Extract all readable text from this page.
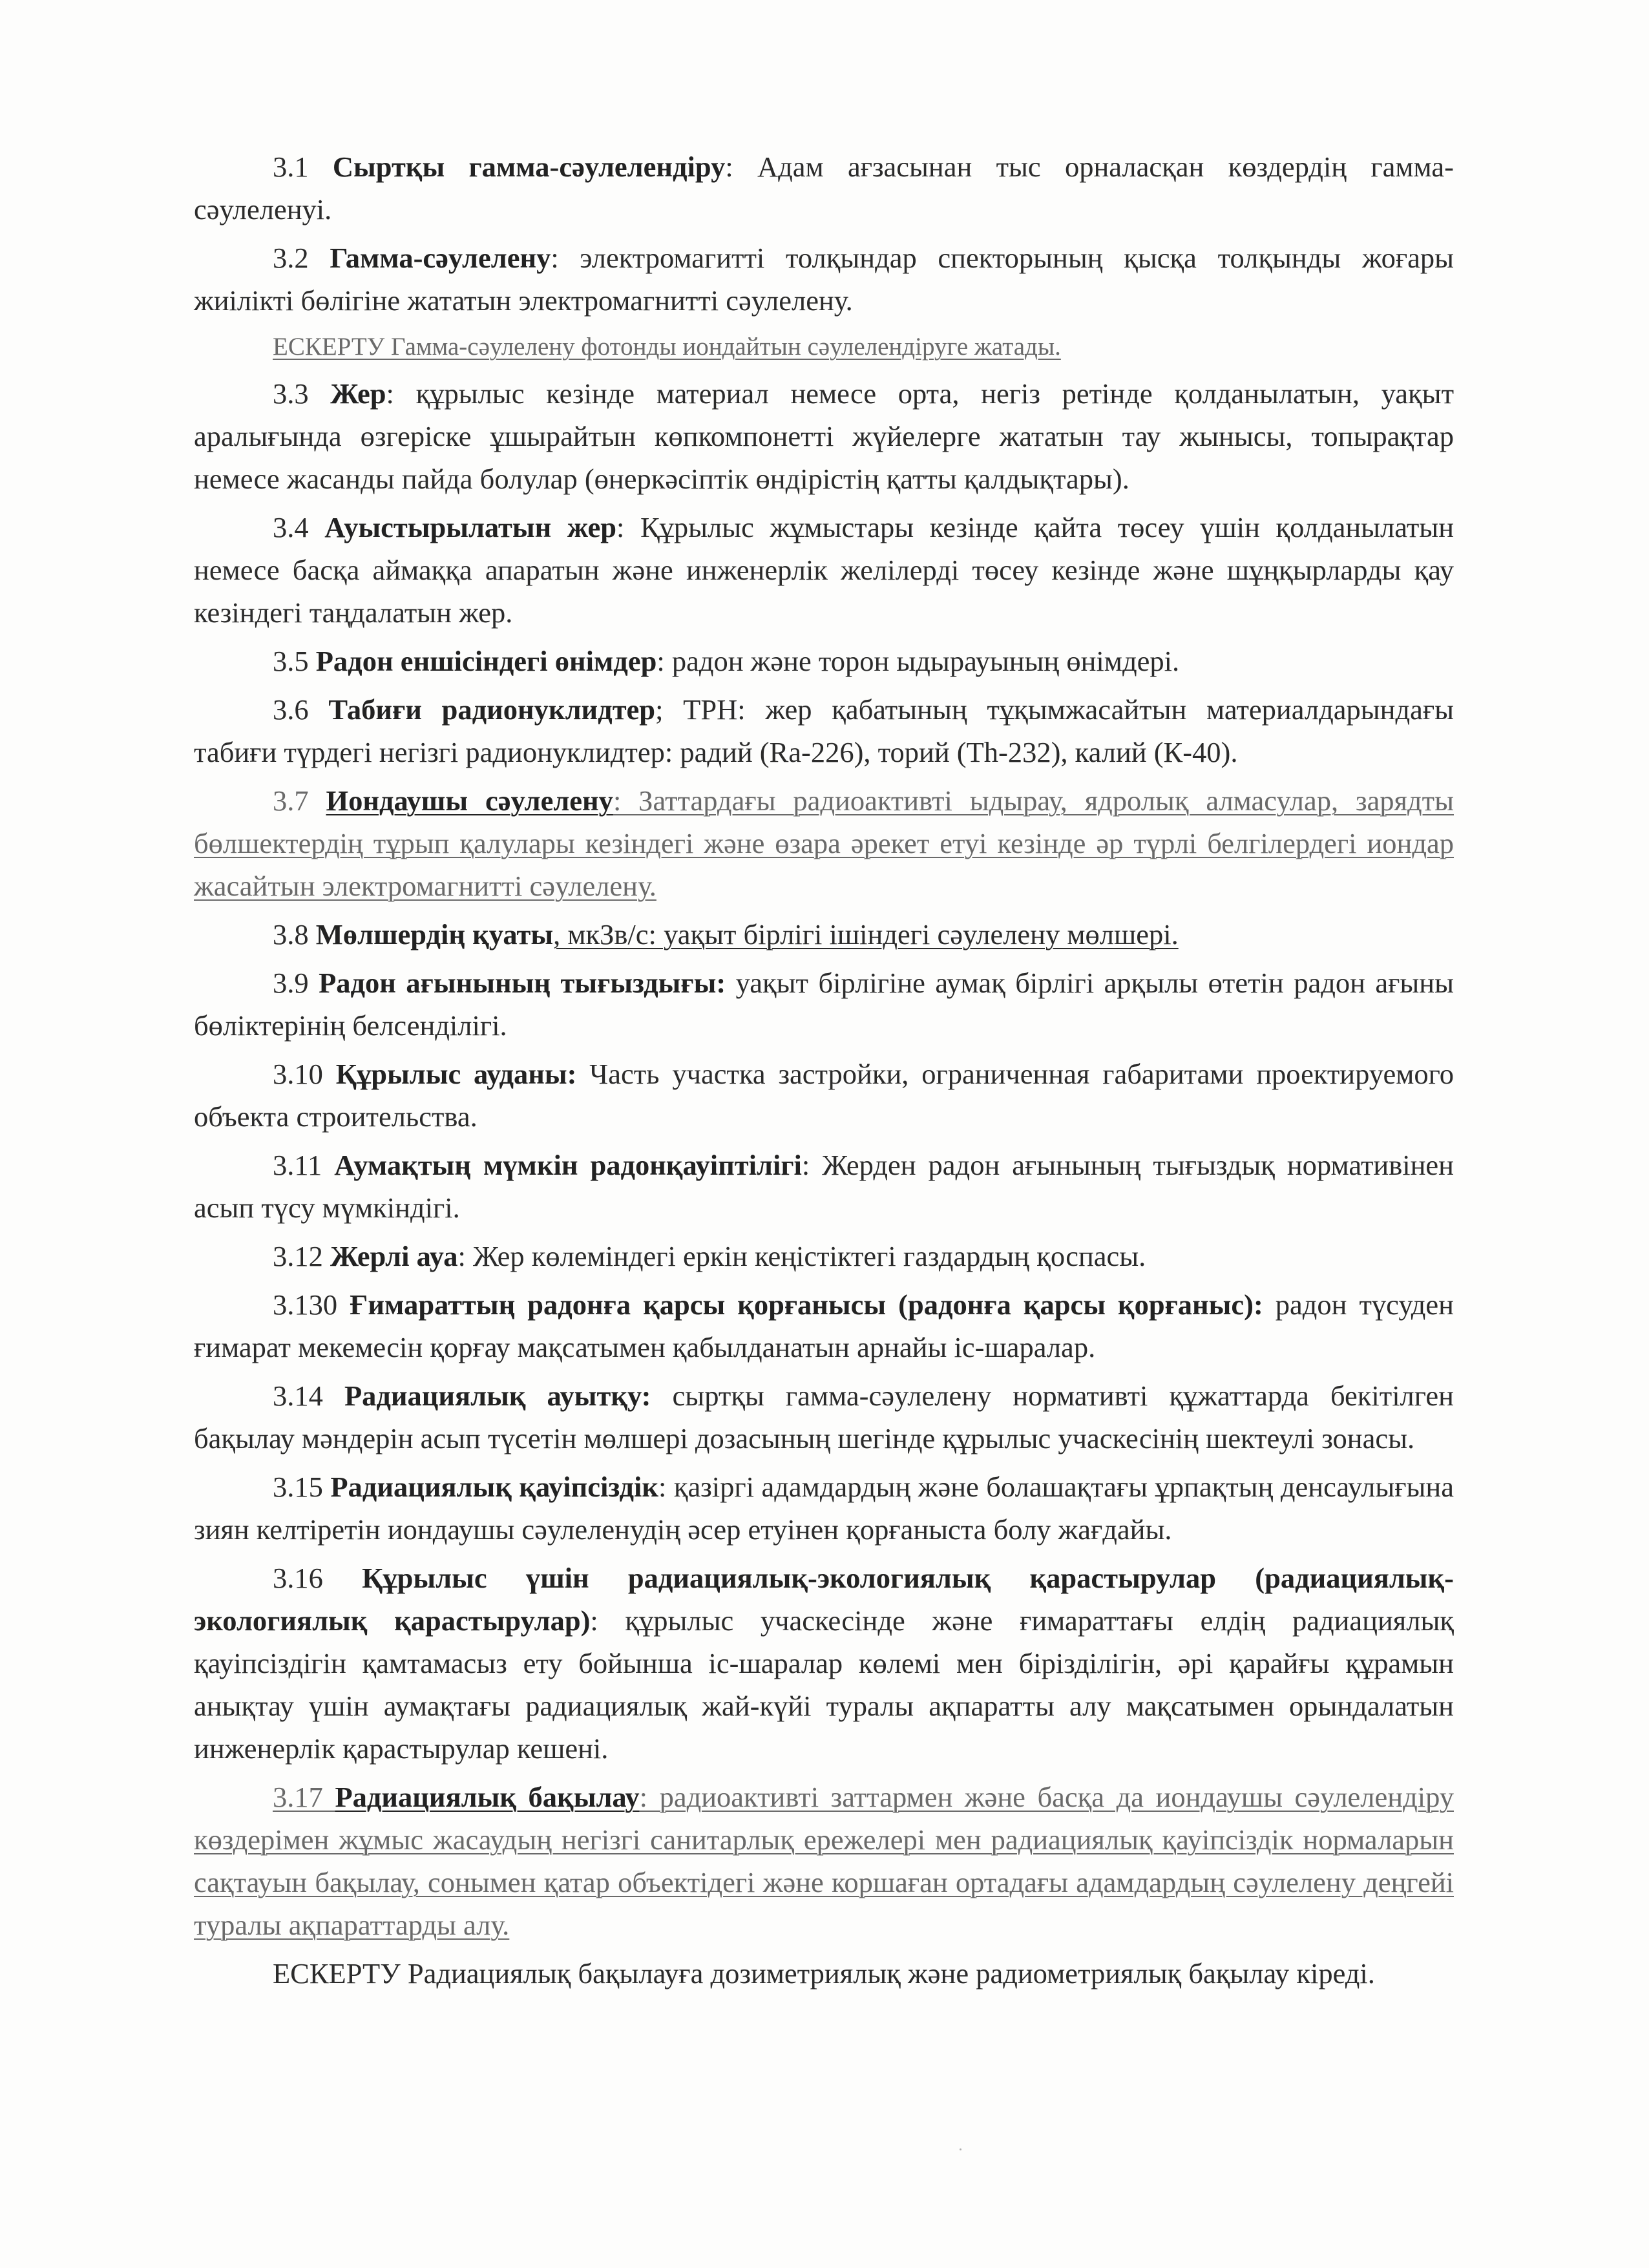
3.1 Сыртқы гамма-сәулелендіру: Адам ағзасынан тыс орналасқан көздердің гамма-сәулеленуі.

3.2 Гамма-сәулелену: электромагитті толқындар спекторының қысқа толқынды жоғары жиілікті бөлігіне жататын электромагнитті сәулелену.

ЕСКЕРТУ Гамма-сәулелену фотонды иондайтын сәулелендіруге жатады.

3.3 Жер: құрылыс кезінде материал немесе орта, негіз ретінде қолданылатын, уақыт аралығында өзгеріске ұшырайтын көпкомпонетті жүйелерге жататын тау жынысы, топырақтар немесе жасанды пайда болулар (өнеркәсіптік өндірістің қатты қалдықтары).

3.4 Ауыстырылатын жер: Құрылыс жұмыстары кезінде қайта төсеу үшін қолданылатын немесе басқа аймаққа апаратын және инженерлік желілерді төсеу кезінде және шұңқырларды қау кезіндегі таңдалатын жер.

3.5 Радон еншісіндегі өнімдер: радон және торон ыдырауының өнімдері.

3.6 Табиғи радионуклидтер; ТРН: жер қабатының тұқымжасайтын материалдарындағы табиғи түрдегі негізгі радионуклидтер: радий (Ra-226), торий (Th-232), калий (К-40).

3.7 Иондаушы сәулелену: Заттардағы радиоактивті ыдырау, ядролық алмасулар, зарядты бөлшектердің тұрып қалулары кезіндегі және өзара әрекет етуі кезінде әр түрлі белгілердегі иондар жасайтын электромагнитті сәулелену.

3.8 Мөлшердің қуаты, мкЗв/с: уақыт бірлігі ішіндегі сәулелену мөлшері.

3.9 Радон ағынының тығыздығы: уақыт бірлігіне аумақ бірлігі арқылы өтетін радон ағыны бөліктерінің белсенділігі.

3.10 Құрылыс ауданы: Часть участка застройки, ограниченная габаритами проектируемого объекта строительства.

3.11 Аумақтың мүмкін радонқауіптілігі: Жерден радон ағынының тығыздық нормативінен асып түсу мүмкіндігі.

3.12 Жерлі ауа: Жер көлеміндегі еркін кеңістіктегі газдардың қоспасы.

3.130 Ғимараттың радонға қарсы қорғанысы (радонға қарсы қорғаныс): радон түсуден ғимарат мекемесін қорғау мақсатымен қабылданатын арнайы іс-шаралар.

3.14 Радиациялық ауытқу: сыртқы гамма-сәулелену нормативті құжаттарда бекітілген бақылау мәндерін асып түсетін мөлшері дозасының шегінде құрылыс учаскесінің шектеулі зонасы.

3.15 Радиациялық қауіпсіздік: қазіргі адамдардың және болашақтағы ұрпақтың денсаулығына зиян келтіретін иондаушы сәулеленудің әсер етуінен қорғаныста болу жағдайы.

3.16 Құрылыс үшін радиациялық-экологиялық қарастырулар (радиациялық-экологиялық қарастырулар): құрылыс учаскесінде және ғимараттағы елдің радиациялық қауіпсіздігін қамтамасыз ету бойынша іс-шаралар көлемі мен бірізділігін, әрі қарайғы құрамын анықтау үшін аумақтағы радиациялық жай-күйі туралы ақпаратты алу мақсатымен орындалатын инженерлік қарастырулар кешені.

3.17 Радиациялық бақылау: радиоактивті заттармен және басқа да иондаушы сәулелендіру көздерімен жұмыс жасаудың негізгі санитарлық ережелері мен радиациялық қауіпсіздік нормаларын сақтауын бақылау, сонымен қатар объектідегі және коршаған ортадағы адамдардың сәулелену деңгейі туралы ақпараттарды алу.

ЕСКЕРТУ Радиациялық бақылауға дозиметриялық және радиометриялық бақылау кіреді.
